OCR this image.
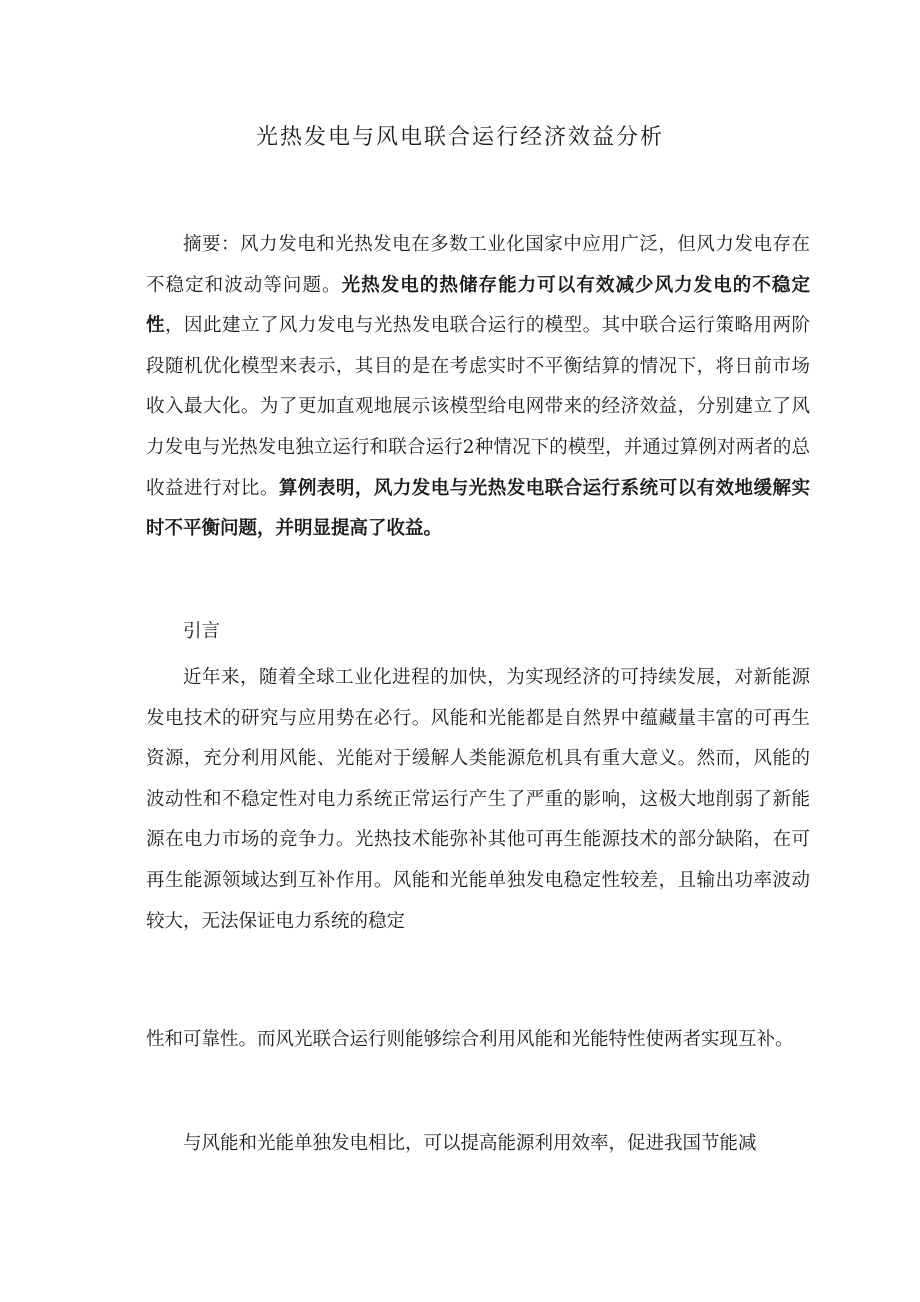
光热发电与风电联合运行经济效益分析

摘要：风力发电和光热发电在多数工业化国家中应用广泛，但风力发电存在不稳定和波动等问题。光热发电的热储存能力可以有效减少风力发电的不稳定性，因此建立了风力发电与光热发电联合运行的模型。其中联合运行策略用两阶段随机优化模型来表示，其目的是在考虑实时不平衡结算的情况下，将日前市场收入最大化。为了更加直观地展示该模型给电网带来的经济效益，分别建立了风力发电与光热发电独立运行和联合运行2种情况下的模型，并通过算例对两者的总收益进行对比。算例表明，风力发电与光热发电联合运行系统可以有效地缓解实时不平衡问题，并明显提高了收益。

引言

近年来，随着全球工业化进程的加快，为实现经济的可持续发展，对新能源发电技术的研究与应用势在必行。风能和光能都是自然界中蕴藏量丰富的可再生资源，充分利用风能、光能对于缓解人类能源危机具有重大意义。然而，风能的波动性和不稳定性对电力系统正常运行产生了严重的影响，这极大地削弱了新能源在电力市场的竞争力。光热技术能弥补其他可再生能源技术的部分缺陷，在可再生能源领域达到互补作用。风能和光能单独发电稳定性较差，且输出功率波动较大，无法保证电力系统的稳定

性和可靠性。而风光联合运行则能够综合利用风能和光能特性使两者实现互补。

与风能和光能单独发电相比，可以提高能源利用效率，促进我国节能减
